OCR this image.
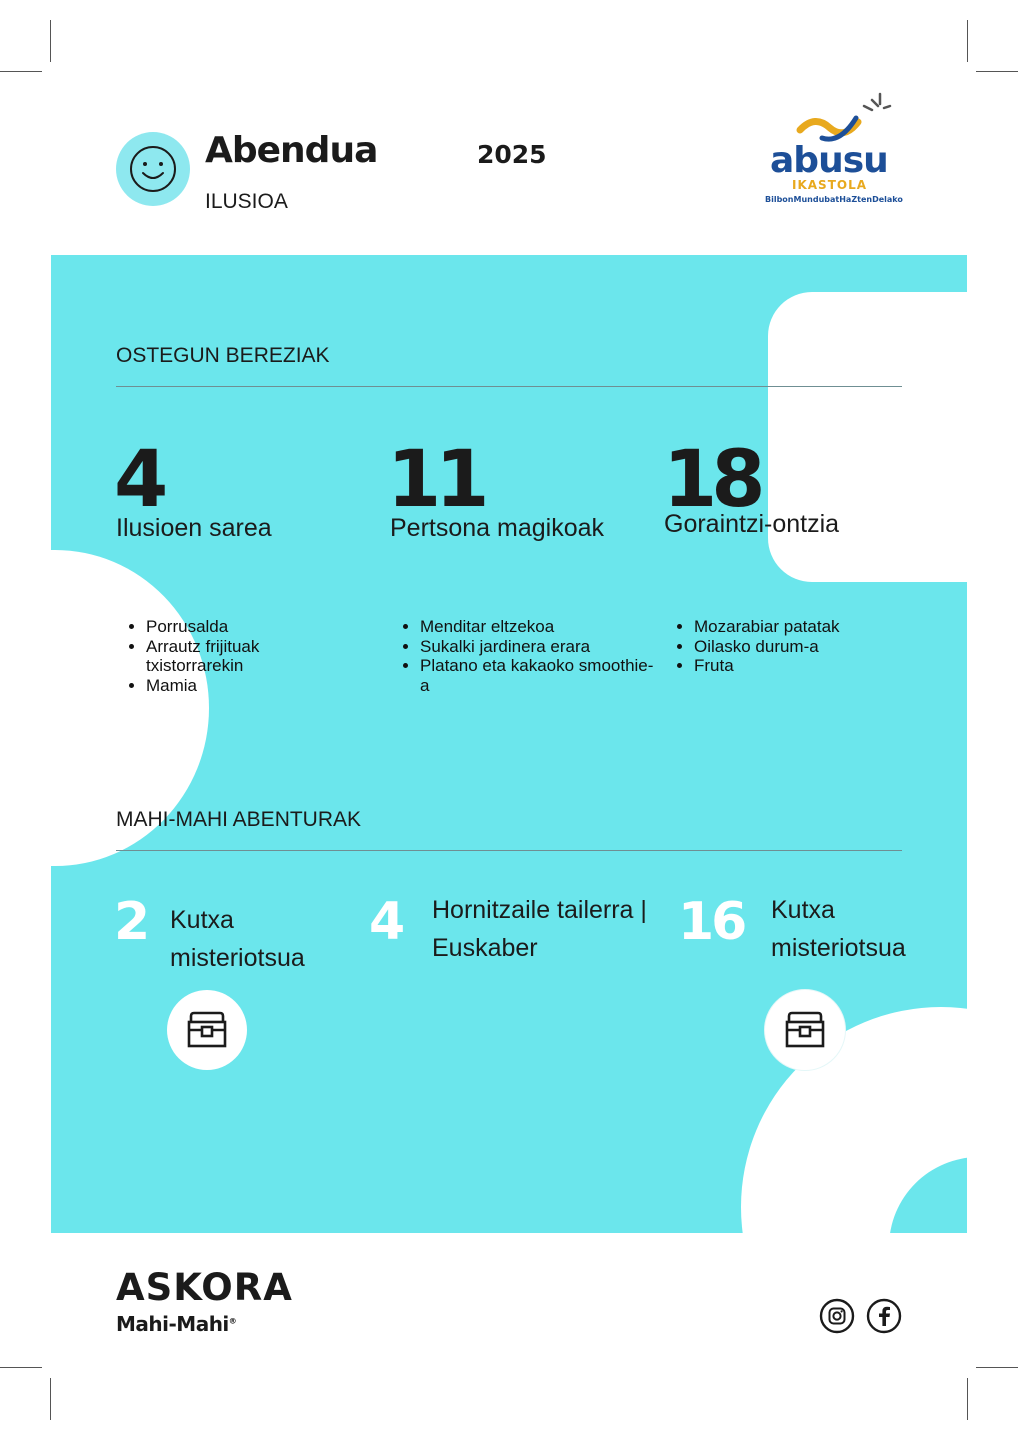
Abendua	2025
ILUSIOA
abusu
IKASTOLA
BilbonMundubatHaZtenDelako
OSTEGUN BEREZIAK
4
Ilusioen sarea
• Porrusalda
• Arrautz frijituak txistorrarekin
• Mamia
11
Pertsona magikoak
• Menditar eltzekoa
• Sukalki jardinera erara
• Platano eta kakaoko smoothie-a
18
Goraintzi-ontzia
• Mozarabiar patatak
• Oilasko durum-a
• Fruta
MAHI-MAHI ABENTURAK
2 Kutxa
misteriotsua
4 Hornitzaile tailerra |
Euskaber	16 Kutxa
misteriotsua
ASKORA
Mahi-Mahi®
